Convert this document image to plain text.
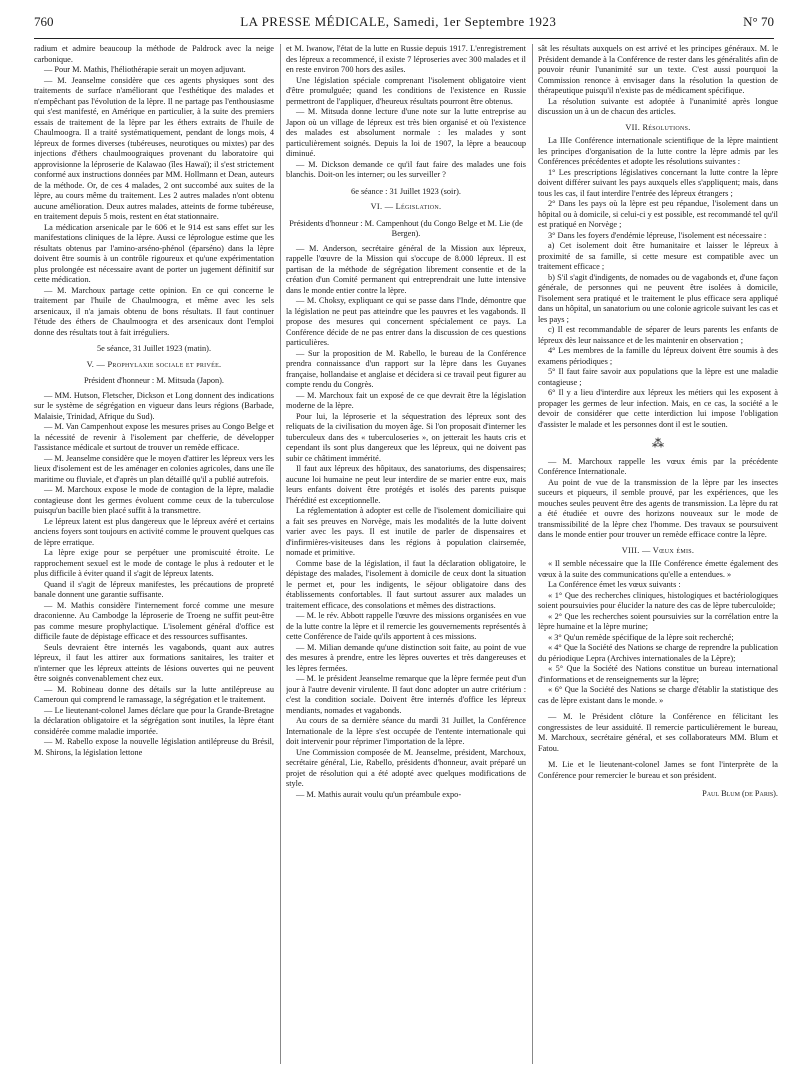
760	LA PRESSE MÉDICALE, Samedi, 1er Septembre 1923	N° 70

radium et admire beaucoup la méthode de Paldrock avec la neige carbonique.

— Pour M. Mathis, l'héliothérapie serait un moyen adjuvant.

— M. Jeanselme considère que ces agents physiques sont des traitements de surface n'améliorant que l'esthétique des malades et n'empêchant pas l'évolution de la lèpre. Il ne partage pas l'enthousiasme qui s'est manifesté, en Amérique en particulier, à la suite des premiers essais de traitement de la lèpre par les éthers extraits de l'huile de Chaulmoogra. Il a traité systématiquement, pendant de longs mois, 4 lépreux de formes diverses (tubéreuses, neurotiques ou mixtes) par des injections d'éthers chaulmoograiques provenant du laboratoire qui approvisionne la léproserie de Kalawao (îles Hawaï); il s'est strictement conformé aux instructions données par MM. Hollmann et Dean, auteurs de la méthode. Or, de ces 4 malades, 2 ont succombé aux suites de la lèpre, au cours même du traitement. Les 2 autres malades n'ont obtenu aucune amélioration. Deux autres malades, atteints de forme tubéreuse, en traitement depuis 5 mois, restent en état stationnaire.

La médication arsenicale par le 606 et le 914 est sans effet sur les manifestations cliniques de la lèpre. Aussi ce léprologue estime que les résultats obtenus par l'amino-arséno-phénol (éparséno) dans la lèpre doivent être soumis à un contrôle rigoureux et qu'une expérimentation plus prolongée est nécessaire avant de porter un jugement définitif sur cette médication.

— M. Marchoux partage cette opinion. En ce qui concerne le traitement par l'huile de Chaulmoogra, et même avec les sels arsenicaux, il n'a jamais obtenu de bons résultats. Il faut continuer l'étude des éthers de Chaulmoogra et des arsenicaux dont l'emploi donne des résultats tout à fait irréguliers.

5e séance, 31 Juillet 1923 (matin).

V. — Prophylaxie sociale et privée.

Président d'honneur : M. Mitsuda (Japon).

— MM. Hutson, Fletscher, Dickson et Long donnent des indications sur le système de ségrégation en vigueur dans leurs régions (Barbade, Malaisie, Trinidad, Afrique du Sud).

— M. Van Campenhout expose les mesures prises au Congo Belge et la nécessité de revenir à l'isolement par chefferie, de développer l'assistance médicale et surtout de trouver un remède efficace.

— M. Jeanselme considère que le moyen d'attirer les lépreux vers les lieux d'isolement est de les aménager en colonies agricoles, dans une île maritime ou fluviale, et d'après un plan détaillé qu'il a publié autrefois.

— M. Marchoux expose le mode de contagion de la lèpre, maladie contagieuse dont les germes évoluent comme ceux de la tuberculose puisqu'un bacille bien placé suffit à la transmettre.

Le lépreux latent est plus dangereux que le lépreux avéré et certains anciens foyers sont toujours en activité comme le prouvent quelques cas de lèpre erratique.

La lèpre exige pour se perpétuer une promiscuité étroite. Le rapprochement sexuel est le mode de contage le plus à redouter et le plus difficile à éviter quand il s'agit de lépreux latents.

Quand il s'agit de lépreux manifestes, les précautions de propreté banale donnent une garantie suffisante.

— M. Mathis considère l'internement forcé comme une mesure draconienne. Au Cambodge la léproserie de Troeng ne suffit peut-être pas comme mesure prophylactique. L'isolement général d'office est difficile faute de dépistage efficace et des ressources suffisantes.

Seuls devraient être internés les vagabonds, quant aux autres lépreux, il faut les attirer aux formations sanitaires, les traiter et n'interner que les lépreux atteints de lésions ouvertes qui ne peuvent être soignés convenablement chez eux.

— M. Robineau donne des détails sur la lutte antilépreuse au Cameroun qui comprend le ramassage, la ségrégation et le traitement.

— Le lieutenant-colonel James déclare que pour la Grande-Bretagne la déclaration obligatoire et la ségrégation sont inutiles, la lèpre étant considérée comme maladie importée.

— M. Rabello expose la nouvelle législation antilépreuse du Brésil, M. Shirons, la législation lettone

et M. Iwanow, l'état de la lutte en Russie depuis 1917. L'enregistrement des lépreux a recommencé, il existe 7 léproseries avec 300 malades et il en reste environ 700 hors des asiles.

Une législation spéciale comprenant l'isolement obligatoire vient d'être promulguée; quand les conditions de l'existence en Russie permettront de l'appliquer, d'heureux résultats pourront être obtenus.

— M. Mitsuda donne lecture d'une note sur la lutte entreprise au Japon où un village de lépreux est très bien organisé et où l'existence des malades est absolument normale : les malades y sont particulièrement soignés. Depuis la loi de 1907, la lèpre a beaucoup diminué.

— M. Dickson demande ce qu'il faut faire des malades une fois blanchis. Doit-on les interner; ou les surveiller ?

6e séance : 31 Juillet 1923 (soir).

VI. — Législation.

Présidents d'honneur : M. Campenhout (du Congo Belge et M. Lie (de Bergen).

— M. Anderson, secrétaire général de la Mission aux lépreux, rappelle l'œuvre de la Mission qui s'occupe de 8.000 lépreux. Il est partisan de la méthode de ségrégation librement consentie et de la création d'un Comité permanent qui entreprendrait une lutte intensive dans le monde entier contre la lèpre.

— M. Choksy, expliquant ce qui se passe dans l'Inde, démontre que la législation ne peut pas atteindre que les pauvres et les vagabonds. Il propose des mesures qui concernent spécialement ce pays. La Conférence décide de ne pas entrer dans la discussion de ces questions particulières.

— Sur la proposition de M. Rabello, le bureau de la Conférence prendra connaissance d'un rapport sur la lèpre dans les Guyanes française, hollandaise et anglaise et décidera si ce travail peut figurer au compte rendu du Congrès.

— M. Marchoux fait un exposé de ce que devrait être la législation moderne de la lèpre.

Pour lui, la léproserie et la séquestration des lépreux sont des reliquats de la civilisation du moyen âge. Si l'on proposait d'interner les tuberculeux dans des « tuberculoseries », on jetterait les hauts cris et cependant ils sont plus dangereux que les lépreux, qui ne doivent pas subir ce châtiment immérité.

Il faut aux lépreux des hôpitaux, des sanatoriums, des dispensaires; aucune loi humaine ne peut leur interdire de se marier entre eux, mais leurs enfants doivent être protégés et isolés des parents puisque l'hérédité est exceptionnelle.

La réglementation à adopter est celle de l'isolement domiciliaire qui a fait ses preuves en Norvège, mais les modalités de la lutte doivent varier avec les pays. Il est inutile de parler de dispensaires et d'infirmières-visiteuses dans les régions à population clairsemée, nomade et primitive.

Comme base de la législation, il faut la déclaration obligatoire, le dépistage des malades, l'isolement à domicile de ceux dont la situation le permet et, pour les indigents, le séjour obligatoire dans des établissements confortables. Il faut surtout assurer aux malades un traitement efficace, des consolations et mêmes des distractions.

— M. le rév. Abbott rappelle l'œuvre des missions organisées en vue de la lutte contre la lèpre et il remercie les gouvernements représentés à cette Conférence de l'aide qu'ils apportent à ces missions.

— M. Milian demande qu'une distinction soit faite, au point de vue des mesures à prendre, entre les lèpres ouvertes et très dangereuses et les lèpres fermées.

— M. le président Jeanselme remarque que la lèpre fermée peut d'un jour à l'autre devenir virulente. Il faut donc adopter un autre critérium : c'est la condition sociale. Doivent être internés d'office les lépreux mendiants, nomades et vagabonds.

Au cours de sa dernière séance du mardi 31 Juillet, la Conférence Internationale de la lèpre s'est occupée de l'entente internationale qui doit intervenir pour réprimer l'importation de la lèpre.

Une Commission composée de M. Jeanselme, président, Marchoux, secrétaire général, Lie, Rabello, présidents d'honneur, avait préparé un projet de résolution qui a été adopté avec quelques modifications de style.

— M. Mathis aurait voulu qu'un préambule expo-

sât les résultats auxquels on est arrivé et les principes généraux. M. le Président demande à la Conférence de rester dans les généralités afin de pouvoir réunir l'unanimité sur un texte. C'est aussi pourquoi la Commission renonce à envisager dans la résolution la question de thérapeutique puisqu'il n'existe pas de médicament spécifique.

La résolution suivante est adoptée à l'unanimité après longue discussion un à un de chacun des articles.

VII. Résolutions.

La IIIe Conférence internationale scientifique de la lèpre maintient les principes d'organisation de la lutte contre la lèpre admis par les Conférences précédentes et adopte les résolutions suivantes :

1° Les prescriptions législatives concernant la lutte contre la lèpre doivent différer suivant les pays auxquels elles s'appliquent; mais, dans tous les cas, il faut interdire l'entrée des lépreux étrangers ;

2° Dans les pays où la lèpre est peu répandue, l'isolement dans un hôpital ou à domicile, si celui-ci y est possible, est recommandé tel qu'il est pratiqué en Norvège ;

3° Dans les foyers d'endémie lépreuse, l'isolement est nécessaire :

a) Cet isolement doit être humanitaire et laisser le lépreux à proximité de sa famille, si cette mesure est compatible avec un traitement efficace ;

b) S'il s'agit d'indigents, de nomades ou de vagabonds et, d'une façon générale, de personnes qui ne peuvent être isolées à domicile, l'isolement sera pratiqué et le traitement le plus efficace sera appliqué dans un hôpital, un sanatorium ou une colonie agricole suivant les cas et les pays ;

c) Il est recommandable de séparer de leurs parents les enfants de lépreux dès leur naissance et de les maintenir en observation ;

4° Les membres de la famille du lépreux doivent être soumis à des examens périodiques ;

5° Il faut faire savoir aux populations que la lèpre est une maladie contagieuse ;

6° Il y a lieu d'interdire aux lépreux les métiers qui les exposent à propager les germes de leur infection. Mais, en ce cas, la société a le devoir de considérer que cette interdiction lui impose l'obligation d'assister le malade et les personnes dont il est le soutien.

⁂

— M. Marchoux rappelle les vœux émis par la précédente Conférence Internationale.

Au point de vue de la transmission de la lèpre par les insectes suceurs et piqueurs, il semble prouvé, par les expériences, que les mouches seules peuvent être des agents de transmission. La lèpre du rat a été étudiée et ouvre des horizons nouveaux sur le mode de transmissibilité de la lèpre chez l'homme. Des travaux se poursuivent dans le monde entier pour trouver un remède efficace contre la lèpre.

VIII. — Vœux émis.

« Il semble nécessaire que la IIIe Conférence émette également des vœux à la suite des communications qu'elle a entendues. »

La Conférence émet les vœux suivants :

« 1° Que des recherches cliniques, histologiques et bactériologiques soient poursuivies pour élucider la nature des cas de lèpre tuberculoïde;

« 2° Que les recherches soient poursuivies sur la corrélation entre la lèpre humaine et la lèpre murine;

« 3° Qu'un remède spécifique de la lèpre soit recherché;

« 4° Que la Société des Nations se charge de reprendre la publication du périodique Lepra (Archives internationales de la Lèpre);

« 5° Que la Société des Nations constitue un bureau international d'informations et de renseignements sur la lèpre;

« 6° Que la Société des Nations se charge d'établir la statistique des cas de lèpre existant dans le monde. »

— M. le Président clôture la Conférence en félicitant les congressistes de leur assiduité. Il remercie particulièrement le bureau, M. Marchoux, secrétaire général, et ses collaborateurs MM. Blum et Fatou.

M. Lie et le lieutenant-colonel James se font l'interprète de la Conférence pour remercier le bureau et son président.

Paul Blum (de Paris).
